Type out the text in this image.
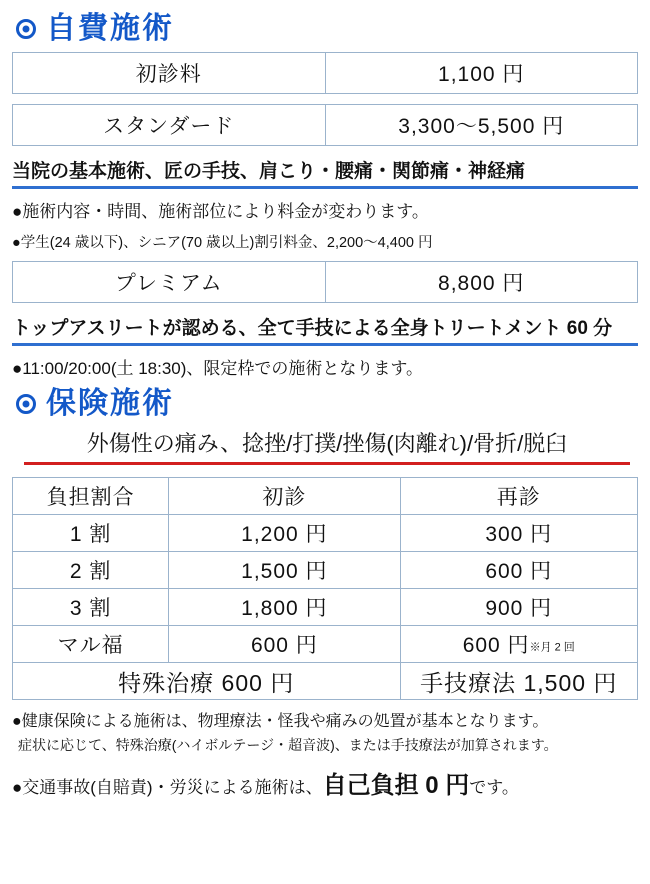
自費施術
初診料	1,100 円
スタンダード	3,300～5,500 円
当院の基本施術、匠の手技、肩こり・腰痛・関節痛・神経痛
●施術内容・時間、施術部位により料金が変わります。
●学生(24 歳以下)、シニア(70 歳以上)割引料金、2,200～4,400 円
プレミアム	8,800 円
トップアスリートが認める、全て手技による全身トリートメント 60 分
●11:00/20:00(土 18:30)、限定枠での施術となります。
保険施術
外傷性の痛み、捻挫/打撲/挫傷(肉離れ)/骨折/脱臼
負担割合	初診	再診
1 割	1,200 円	300 円
2 割	1,500 円	600 円
3 割	1,800 円	900 円
マル福	600 円	600 円※月 2 回
特殊治療 600 円		手技療法 1,500 円
●健康保険による施術は、物理療法・怪我や痛みの処置が基本となります。
症状に応じて、特殊治療(ハイボルテージ・超音波)、または手技療法が加算されます。
●交通事故(自賠責)・労災による施術は、自己負担 0 円です。
